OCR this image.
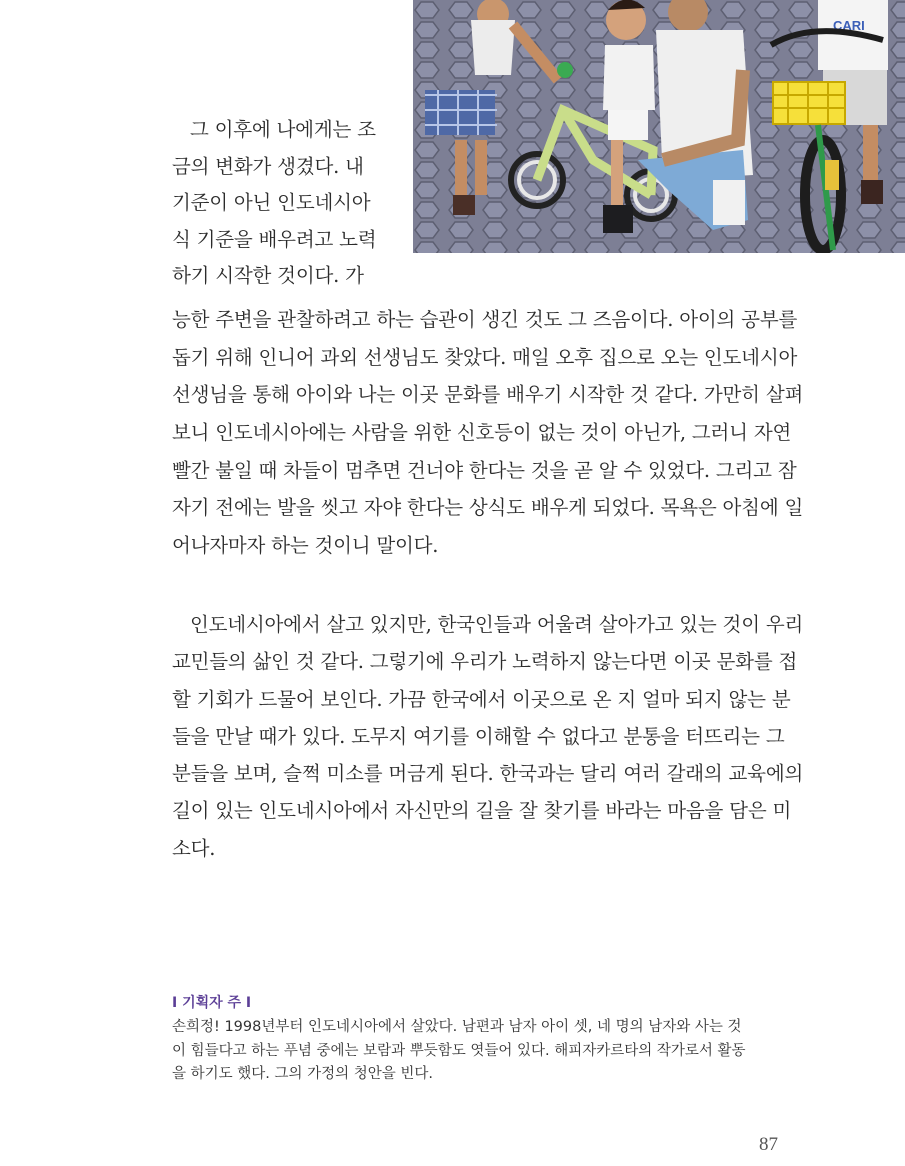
CARI
그 이후에 나에게는 조
금의 변화가 생겼다. 내
기준이 아닌 인도네시아
식 기준을 배우려고 노력
하기 시작한 것이다. 가
능한 주변을 관찰하려고 하는 습관이 생긴 것도 그 즈음이다. 아이의 공부를
돕기 위해 인니어 과외 선생님도 찾았다. 매일 오후 집으로 오는 인도네시아
선생님을 통해 아이와 나는 이곳 문화를 배우기 시작한 것 같다. 가만히 살펴
보니 인도네시아에는 사람을 위한 신호등이 없는 것이 아닌가, 그러니 자연
빨간 불일 때 차들이 멈추면 건너야 한다는 것을 곧 알 수 있었다. 그리고 잠
자기 전에는 발을 씻고 자야 한다는 상식도 배우게 되었다. 목욕은 아침에 일
어나자마자 하는 것이니 말이다.
인도네시아에서 살고 있지만, 한국인들과 어울려 살아가고 있는 것이 우리
교민들의 삶인 것 같다. 그렇기에 우리가 노력하지 않는다면 이곳 문화를 접
할 기회가 드물어 보인다. 가끔 한국에서 이곳으로 온 지 얼마 되지 않는 분
들을 만날 때가 있다. 도무지 여기를 이해할 수 없다고 분통을 터뜨리는 그
분들을 보며, 슬쩍 미소를 머금게 된다. 한국과는 달리 여러 갈래의 교육에의
길이 있는 인도네시아에서 자신만의 길을 잘 찾기를 바라는 마음을 담은 미
소다.
I 기획자 주 I
손희정! 1998년부터 인도네시아에서 살았다. 남편과 남자 아이 셋, 네 명의 남자와 사는 것
이 힘들다고 하는 푸념 중에는 보람과 뿌듯함도 엿들어 있다. 해피자카르타의 작가로서 활동
을 하기도 했다. 그의 가정의 청안을 빈다.
87
